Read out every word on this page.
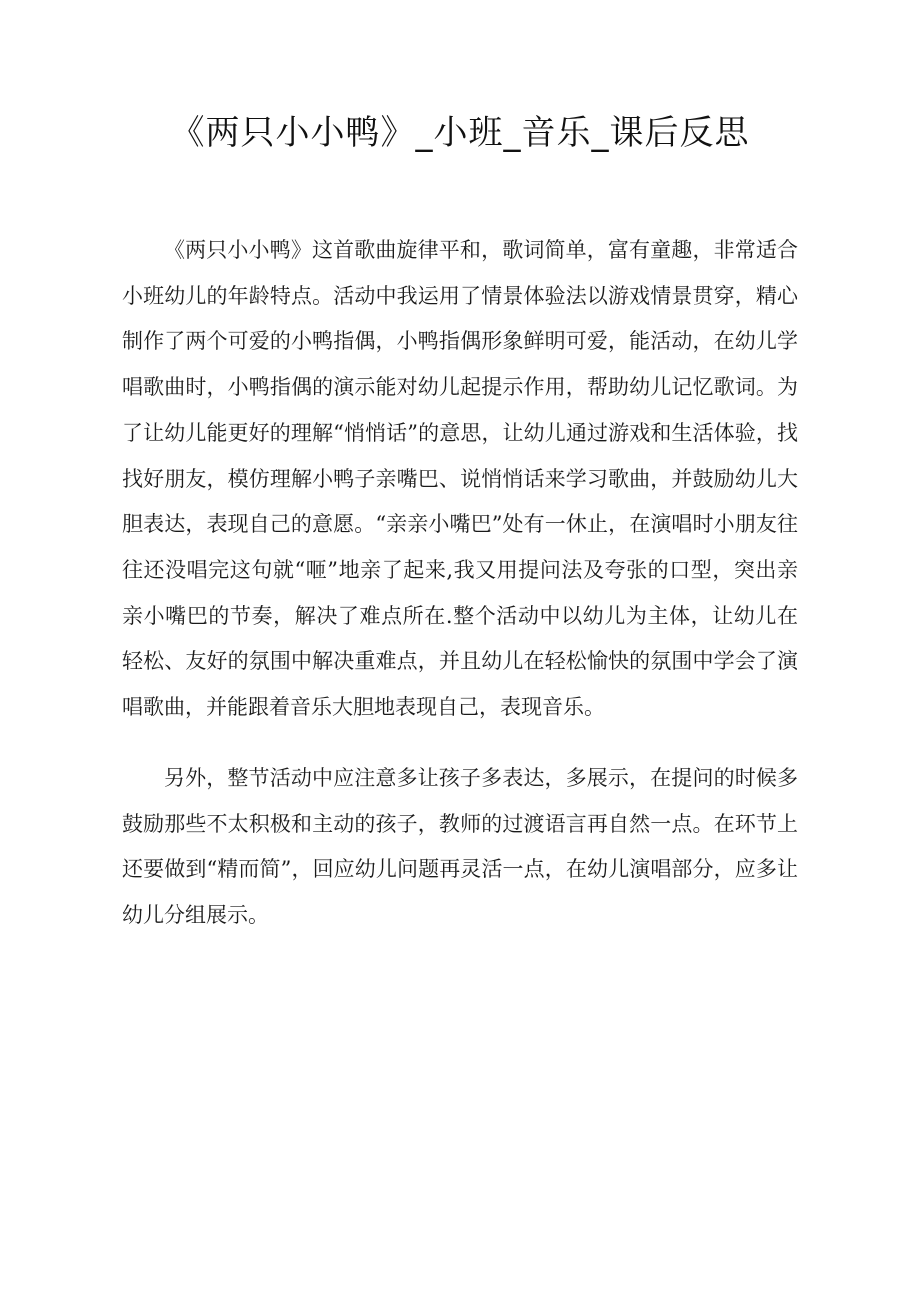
《两只小小鸭》_小班_音乐_课后反思

《两只小小鸭》这首歌曲旋律平和，歌词简单，富有童趣，非常适合小班幼儿的年龄特点。活动中我运用了情景体验法以游戏情景贯穿，精心制作了两个可爱的小鸭指偶，小鸭指偶形象鲜明可爱，能活动，在幼儿学唱歌曲时，小鸭指偶的演示能对幼儿起提示作用，帮助幼儿记忆歌词。为了让幼儿能更好的理解“悄悄话”的意思，让幼儿通过游戏和生活体验，找找好朋友，模仿理解小鸭子亲嘴巴、说悄悄话来学习歌曲，并鼓励幼儿大胆表达，表现自己的意愿。“亲亲小嘴巴”处有一休止，在演唱时小朋友往往还没唱完这句就“咂”地亲了起来,我又用提问法及夸张的口型，突出亲亲小嘴巴的节奏，解决了难点所在.整个活动中以幼儿为主体，让幼儿在轻松、友好的氛围中解决重难点，并且幼儿在轻松愉快的氛围中学会了演唱歌曲，并能跟着音乐大胆地表现自己，表现音乐。

另外，整节活动中应注意多让孩子多表达，多展示，在提问的时候多鼓励那些不太积极和主动的孩子，教师的过渡语言再自然一点。在环节上还要做到“精而简”，回应幼儿问题再灵活一点，在幼儿演唱部分，应多让幼儿分组展示。
